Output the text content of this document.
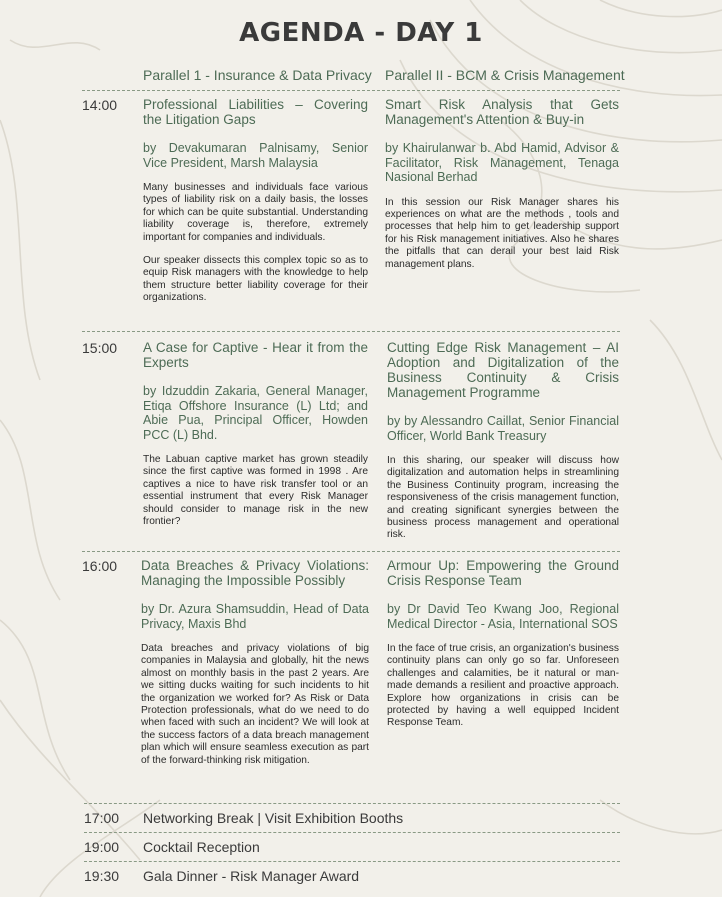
AGENDA - DAY 1
Parallel 1 - Insurance & Data Privacy Parallel II - BCM & Crisis Management
14:00 Professional Liabilities – Covering the Litigation Gaps
by Devakumaran Palnisamy, Senior Vice President, Marsh Malaysia

Many businesses and individuals face various types of liability risk on a daily basis, the losses for which can be quite substantial. Understanding liability coverage is, therefore, extremely important for companies and individuals.

Our speaker dissects this complex topic so as to equip Risk managers with the knowledge to help them structure better liability coverage for their organizations.

Smart Risk Analysis that Gets Management's Attention & Buy-in
by Khairulanwar b. Abd Hamid, Advisor & Facilitator, Risk Management, Tenaga Nasional Berhad

In this session our Risk Manager shares his experiences on what are the methods , tools and processes that help him to get leadership support for his Risk management initiatives. Also he shares the pitfalls that can derail your best laid Risk management plans.

15:00 A Case for Captive - Hear it from the Experts
by Idzuddin Zakaria, General Manager, Etiqa Offshore Insurance (L) Ltd; and Abie Pua, Principal Officer, Howden PCC (L) Bhd.

The Labuan captive market has grown steadily since the first captive was formed in 1998 . Are captives a nice to have risk transfer tool or an essential instrument that every Risk Manager should consider to manage risk in the new frontier?

Cutting Edge Risk Management – AI Adoption and Digitalization of the Business Continuity & Crisis Management Programme
by by Alessandro Caillat, Senior Financial Officer, World Bank Treasury

In this sharing, our speaker will discuss how digitalization and automation helps in streamlining the Business Continuity program, increasing the responsiveness of the crisis management function, and creating significant synergies between the business process management and operational risk.

16:00 Data Breaches & Privacy Violations: Managing the Impossible Possibly
by Dr. Azura Shamsuddin, Head of Data Privacy, Maxis Bhd

Data breaches and privacy violations of big companies in Malaysia and globally, hit the news almost on monthly basis in the past 2 years. Are we sitting ducks waiting for such incidents to hit the organization we worked for? As Risk or Data Protection professionals, what do we need to do when faced with such an incident? We will look at the success factors of a data breach management plan which will ensure seamless execution as part of the forward-thinking risk mitigation.

Armour Up: Empowering the Ground Crisis Response Team
by Dr David Teo Kwang Joo, Regional Medical Director - Asia, International SOS

In the face of true crisis, an organization's business continuity plans can only go so far. Unforeseen challenges and calamities, be it natural or man-made demands a resilient and proactive approach. Explore how organizations in crisis can be protected by having a well equipped Incident Response Team.

17:00 Networking Break | Visit Exhibition Booths
19:00 Cocktail Reception
19:30 Gala Dinner - Risk Manager Award
